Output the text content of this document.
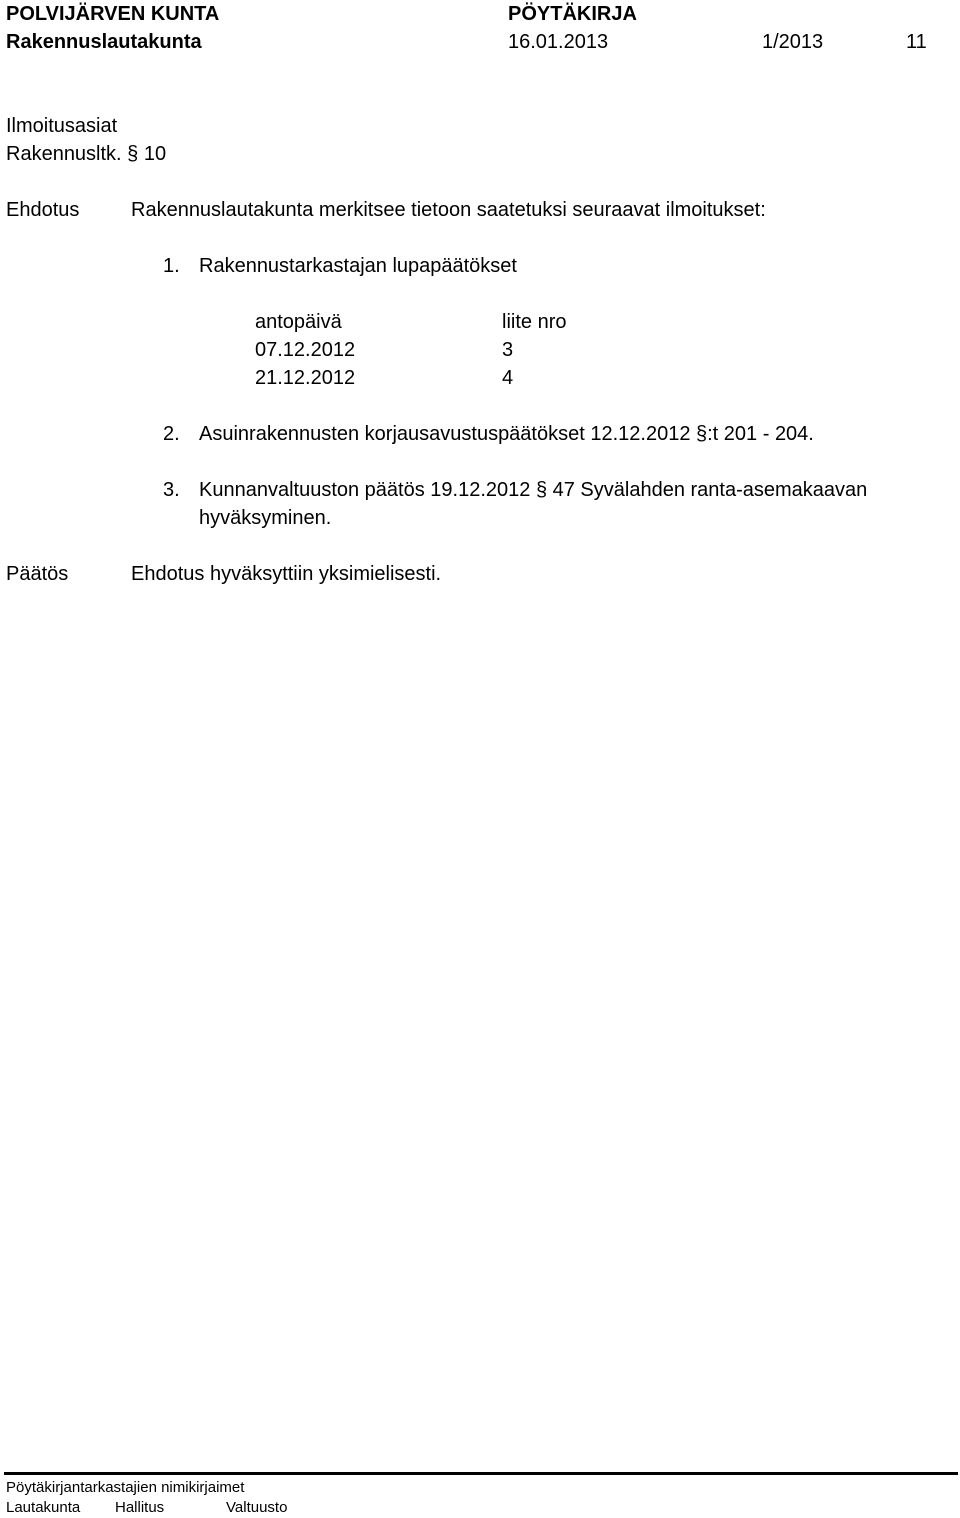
POLVIJÄRVEN KUNTA	PÖYTÄKIRJA
Rakennuslautakunta	16.01.2013	1/2013	11
Ilmoitusasiat
Rakennusltk. § 10
Ehdotus	Rakennuslautakunta merkitsee tietoon saatetuksi seuraavat ilmoitukset:
1. Rakennustarkastajan lupapäätökset
antopäivä	liite nro
07.12.2012	3
21.12.2012	4
2. Asuinrakennusten korjausavustuspäätökset 12.12.2012 §:t 201 - 204.
3. Kunnanvaltuuston päätös 19.12.2012 § 47 Syvälahden ranta-asemakaavan
hyväksyminen.
Päätös	Ehdotus hyväksyttiin yksimielisesti.
Pöytäkirjantarkastajien nimikirjaimet
Lautakunta Hallitus	Valtuusto
